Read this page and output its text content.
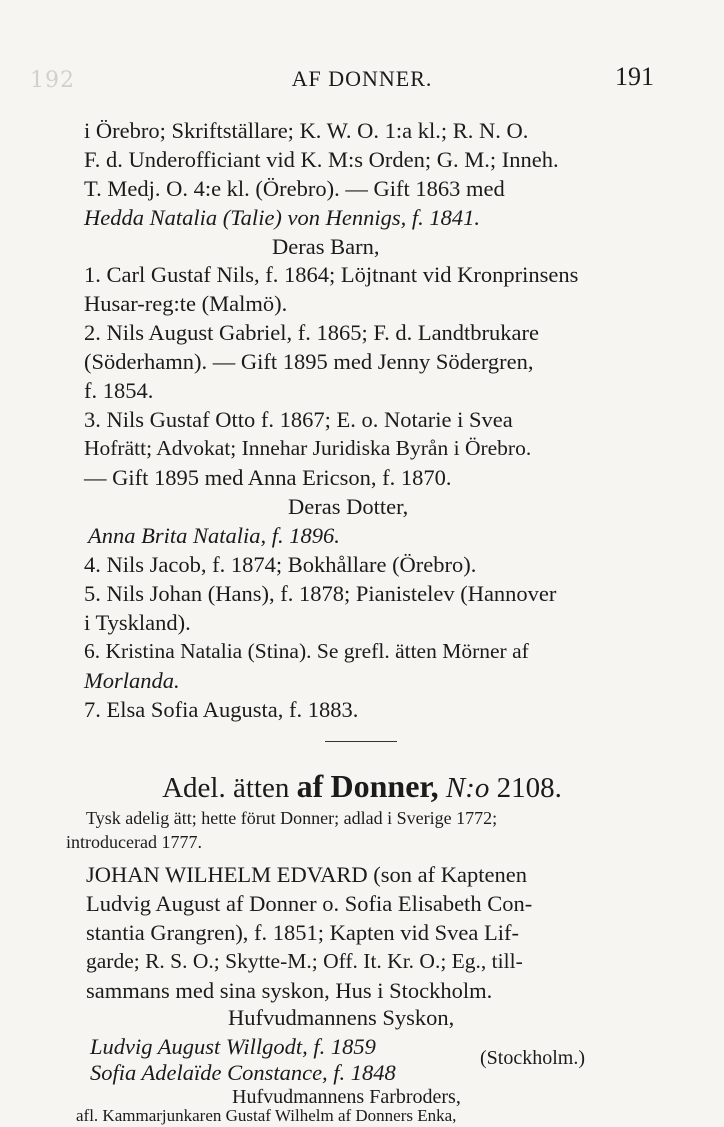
192	AF DONNER.	191
i Örebro; Skriftställare; K. W. O. 1:a kl.; R. N. O.
F. d. Underofficiant vid K. M:s Orden; G. M.; Inneh.
T. Medj. O. 4:e kl. (Örebro). — Gift 1863 med
Hedda Natalia (Talie) von Hennigs, f. 1841.
Deras Barn,
1. Carl Gustaf Nils, f. 1864; Löjtnant vid Kronprinsens
Husar-reg:te (Malmö).
2. Nils August Gabriel, f. 1865; F. d. Landtbrukare
(Söderhamn). — Gift 1895 med Jenny Södergren,
f. 1854.
3. Nils Gustaf Otto f. 1867; E. o. Notarie i Svea
Hofrätt; Advokat; Innehar Juridiska Byrån i Örebro.
— Gift 1895 med Anna Ericson, f. 1870.
Deras Dotter,
Anna Brita Natalia, f. 1896.
4. Nils Jacob, f. 1874; Bokhållare (Örebro).
5. Nils Johan (Hans), f. 1878; Pianistelev (Hannover
i Tyskland).
6. Kristina Natalia (Stina). Se grefl. ätten Mörner af
Morlanda.
7. Elsa Sofia Augusta, f. 1883.
Adel. ätten af Donner, N:o 2108.
Tysk adelig ätt; hette förut Donner; adlad i Sverige 1772;
introducerad 1777.
JOHAN WILHELM EDVARD (son af Kaptenen
Ludvig August af Donner o. Sofia Elisabeth Con-
stantia Grangren), f. 1851; Kapten vid Svea Lif-
garde; R. S. O.; Skytte-M.; Off. It. Kr. O.; Eg., till-
sammans med sina syskon, Hus i Stockholm.
Hufvudmannens Syskon,
Ludvig August Willgodt, f. 1859
Sofia Adelaïde Constance, f. 1848
(Stockholm.)
Hufvudmannens Farbroders,
afl. Kammarjunkaren Gustaf Wilhelm af Donners Enka,
